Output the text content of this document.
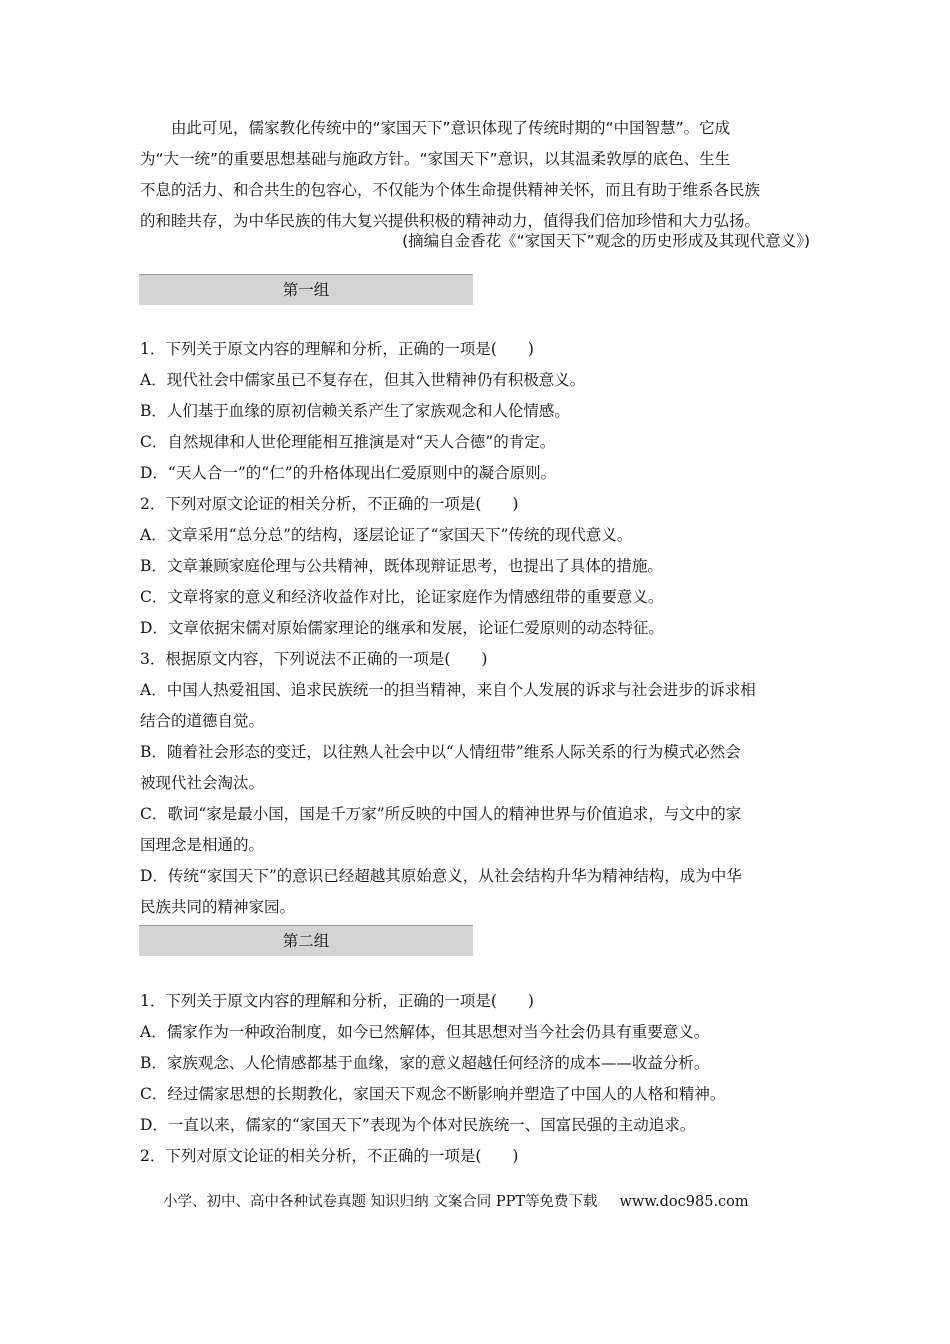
　　由此可见，儒家教化传统中的“家国天下”意识体现了传统时期的“中国智慧”。它成
为“大一统”的重要思想基础与施政方针。“家国天下”意识，以其温柔敦厚的底色、生生
不息的活力、和合共生的包容心，不仅能为个体生命提供精神关怀，而且有助于维系各民族
的和睦共存，为中华民族的伟大复兴提供积极的精神动力，值得我们倍加珍惜和大力弘扬。
(摘编自金香花《“家国天下”观念的历史形成及其现代意义》)
第一组
1．下列关于原文内容的理解和分析，正确的一项是(　　)
A．现代社会中儒家虽已不复存在，但其入世精神仍有积极意义。
B．人们基于血缘的原初信赖关系产生了家族观念和人伦情感。
C．自然规律和人世伦理能相互推演是对“天人合德”的肯定。
D．“天人合一”的“仁”的升格体现出仁爱原则中的凝合原则。
2．下列对原文论证的相关分析，不正确的一项是(　　)
A．文章采用“总分总”的结构，逐层论证了“家国天下”传统的现代意义。
B．文章兼顾家庭伦理与公共精神，既体现辩证思考，也提出了具体的措施。
C．文章将家的意义和经济收益作对比，论证家庭作为情感纽带的重要意义。
D．文章依据宋儒对原始儒家理论的继承和发展，论证仁爱原则的动态特征。
3．根据原文内容，下列说法不正确的一项是(　　)
A．中国人热爱祖国、追求民族统一的担当精神，来自个人发展的诉求与社会进步的诉求相
结合的道德自觉。
B．随着社会形态的变迁，以往熟人社会中以“人情纽带”维系人际关系的行为模式必然会
被现代社会淘汰。
C．歌词“家是最小国，国是千万家”所反映的中国人的精神世界与价值追求，与文中的家
国理念是相通的。
D．传统“家国天下”的意识已经超越其原始意义，从社会结构升华为精神结构，成为中华
民族共同的精神家园。
第二组
1．下列关于原文内容的理解和分析，正确的一项是(　　)
A．儒家作为一种政治制度，如今已然解体，但其思想对当今社会仍具有重要意义。
B．家族观念、人伦情感都基于血缘，家的意义超越任何经济的成本——收益分析。
C．经过儒家思想的长期教化，家国天下观念不断影响并塑造了中国人的人格和精神。
D．一直以来，儒家的“家国天下”表现为个体对民族统一、国富民强的主动追求。
2．下列对原文论证的相关分析，不正确的一项是(　　)
小学、初中、高中各种试卷真题 知识归纳 文案合同 PPT等免费下载 www.doc985.com
